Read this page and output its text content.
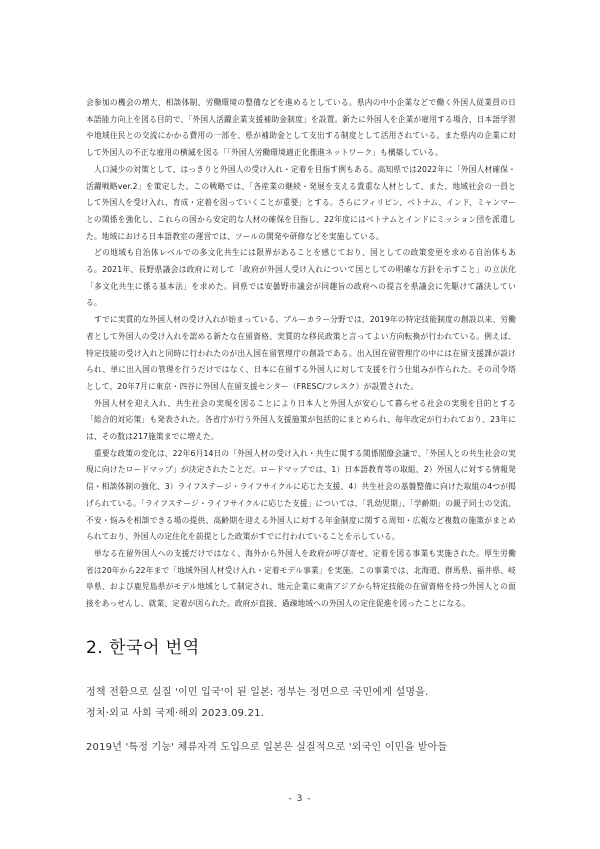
会参加の機会の増大、相談体制、労働環境の整備などを進めるとしている。県内の中小企業などで働く外国人従業員の日本語能力向上を図る目的で、「外国人活躍企業支援補助金制度」を設置。新たに外国人を企業が雇用する場合、日本語学習や地域住民との交流にかかる費用の一部を、県が補助金として支出する制度として活用されている。また県内の企業に対して外国人の不正な雇用の横滅を図る「「外国人労働環境適正化推進ネットワーク」も構築している。

人口減少の対策として、はっきりと外国人の受け入れ・定着を目指す例もある。高知県では2022年に「外国人材確保・活躍戦略ver.2」を策定した。この戦略では、「各産業の継続・発展を支える貴重な人材として、また、地域社会の一員として外国人を受け入れ、育成・定着を図っていくことが重要」とする。さらにフィリピン、ベトナム、インド、ミャンマーとの関係を強化し、これらの国から安定的な人材の確保を目指し、22年度にはベトナムとインドにミッション団を派遣した。地域における日本語教室の運営では、ツールの開発や研修などを実施している。

どの地域も自治体レベルでの多文化共生には限界があることを感じており、国としての政策変更を求める自治体もある。2021年、長野県議会は政府に対して「政府が外国人受け入れについて国としての明確な方針を示すこと」の立法化「多文化共生に係る基本法」を求めた。同県では安曇野市議会が同趣旨の政府への提言を県議会に先駆けて議決している。

すでに実質的な外国人材の受け入れが始まっている。ブルーカラー分野では、2019年の特定技能制度の創設以来、労働者として外国人の受け入れを認める新たな在留資格、実質的な移民政策と言ってよい方向転換が行われている。例えば、特定技能の受け入れと同時に行われたのが出入国在留管理庁の創設である。出入国在留管理庁の中には在留支援課が設けられ、単に出入国の管理を行うだけではなく、日本に在留する外国人に対して支援を行う仕組みが作られた。その司令塔として、20年7月に東京・四谷に外国人在留支援センター（FRESC/フレスク）が設置された。

外国人材を迎え入れ、共生社会の実現を図ることにより日本人と外国人が安心して暮らせる社会の実現を目的とする「総合的対応策」も発表された。各省庁が行う外国人支援施策が包括的にまとめられ、毎年改定が行われており、23年には、その数は217施策までに増えた。

重要な政策の変化は、22年6月14日の「外国人材の受け入れ・共生に関する関係閣僚会議で、「外国人との共生社会の実現に向けたロードマップ」が決定されたことだ。ロードマップでは、1）日本語教育等の取組、2）外国人に対する情報発信・相談体制の強化、3）ライフステージ・ライフサイクルに応じた支援、4）共生社会の基盤整備に向けた取組の4つが掲げられている。「ライフステージ・ライフサイクルに応じた支援」については、「乳幼児期」、「学齢期」の親子同士の交流、不安・悩みを相談できる場の提供、高齢期を迎える外国人に対する年金制度に関する周知・広報など複数の施策がまとめられており、外国人の定住化を前提とした政策がすでに行われていることを示している。

単なる在留外国人への支援だけではなく、海外から外国人を政府が呼び寄せ、定着を図る事業も実施された。厚生労働省は20年から22年まで「地域外国人材受け入れ・定着モデル事業」を実施。この事業では、北海道、群馬県、福井県、岐阜県、および鹿児島県がモデル地域として制定され、地元企業に東南アジアから特定技能の在留資格を持つ外国人との面接をあっせんし、就業、定着が図られた。政府が直接、過疎地域への外国人の定住促進を図ったことになる。

2. 한국어 번역

정책 전환으로 실질 '이민 입국'이 된 일본: 정부는 정면으로 국민에게 설명을.

정치·외교 사회 국제·해외 2023.09.21.

2019년 '특정 기능' 체류자격 도입으로 일본은 실질적으로 '외국인 이민을 받아들

- 3 -
